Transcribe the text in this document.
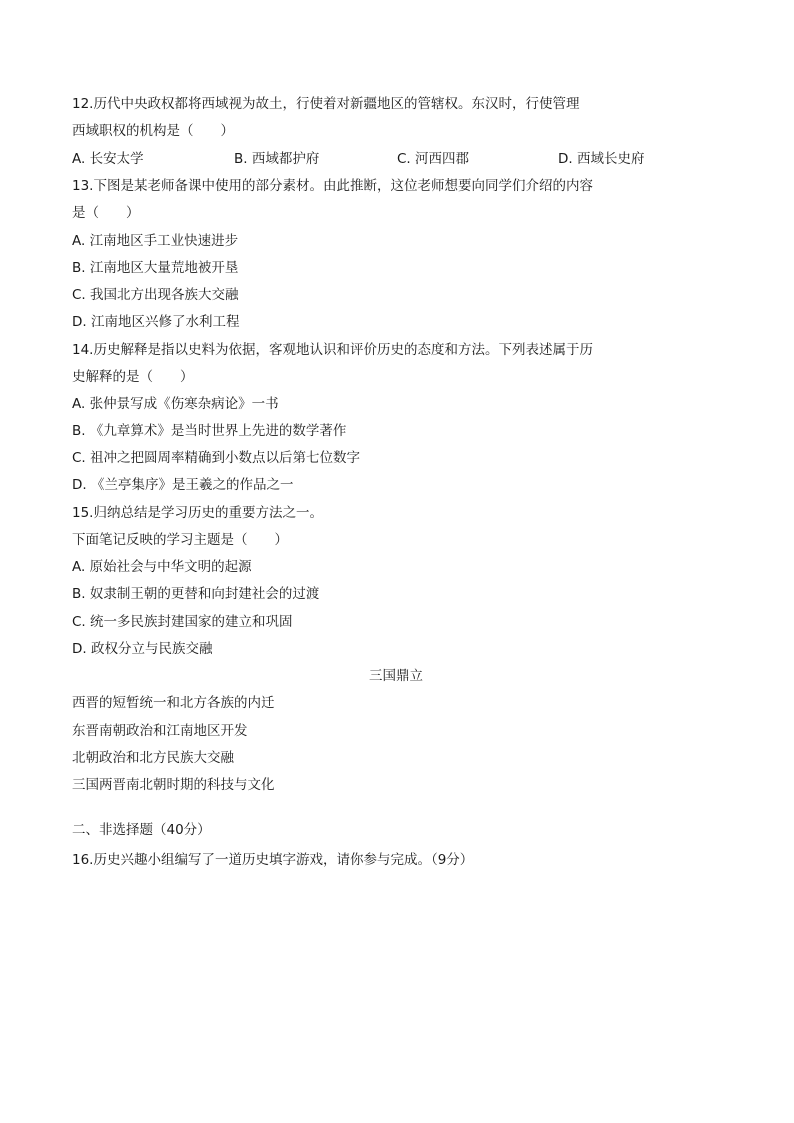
12.历代中央政权都将西域视为故土，行使着对新疆地区的管辖权。东汉时，行使管理
西域职权的机构是（　　）
A. 长安太学	B. 西域都护府	C. 河西四郡	D. 西域长史府
13.下图是某老师备课中使用的部分素材。由此推断，这位老师想要向同学们介绍的内容
是（　　）
A. 江南地区手工业快速进步
B. 江南地区大量荒地被开垦
C. 我国北方出现各族大交融
D. 江南地区兴修了水利工程
14.历史解释是指以史料为依据，客观地认识和评价历史的态度和方法。下列表述属于历
史解释的是（　　）
A. 张仲景写成《伤寒杂病论》一书
B. 《九章算术》是当时世界上先进的数学著作
C. 祖冲之把圆周率精确到小数点以后第七位数字
D. 《兰亭集序》是王羲之的作品之一
15.归纳总结是学习历史的重要方法之一。
下面笔记反映的学习主题是（　　）
A. 原始社会与中华文明的起源
B. 奴隶制王朝的更替和向封建社会的过渡
C. 统一多民族封建国家的建立和巩固
D. 政权分立与民族交融
三国鼎立
西晋的短暂统一和北方各族的内迁
东晋南朝政治和江南地区开发
北朝政治和北方民族大交融
三国两晋南北朝时期的科技与文化
二、非选择题（40分）
16.历史兴趣小组编写了一道历史填字游戏，请你参与完成。（9分）
